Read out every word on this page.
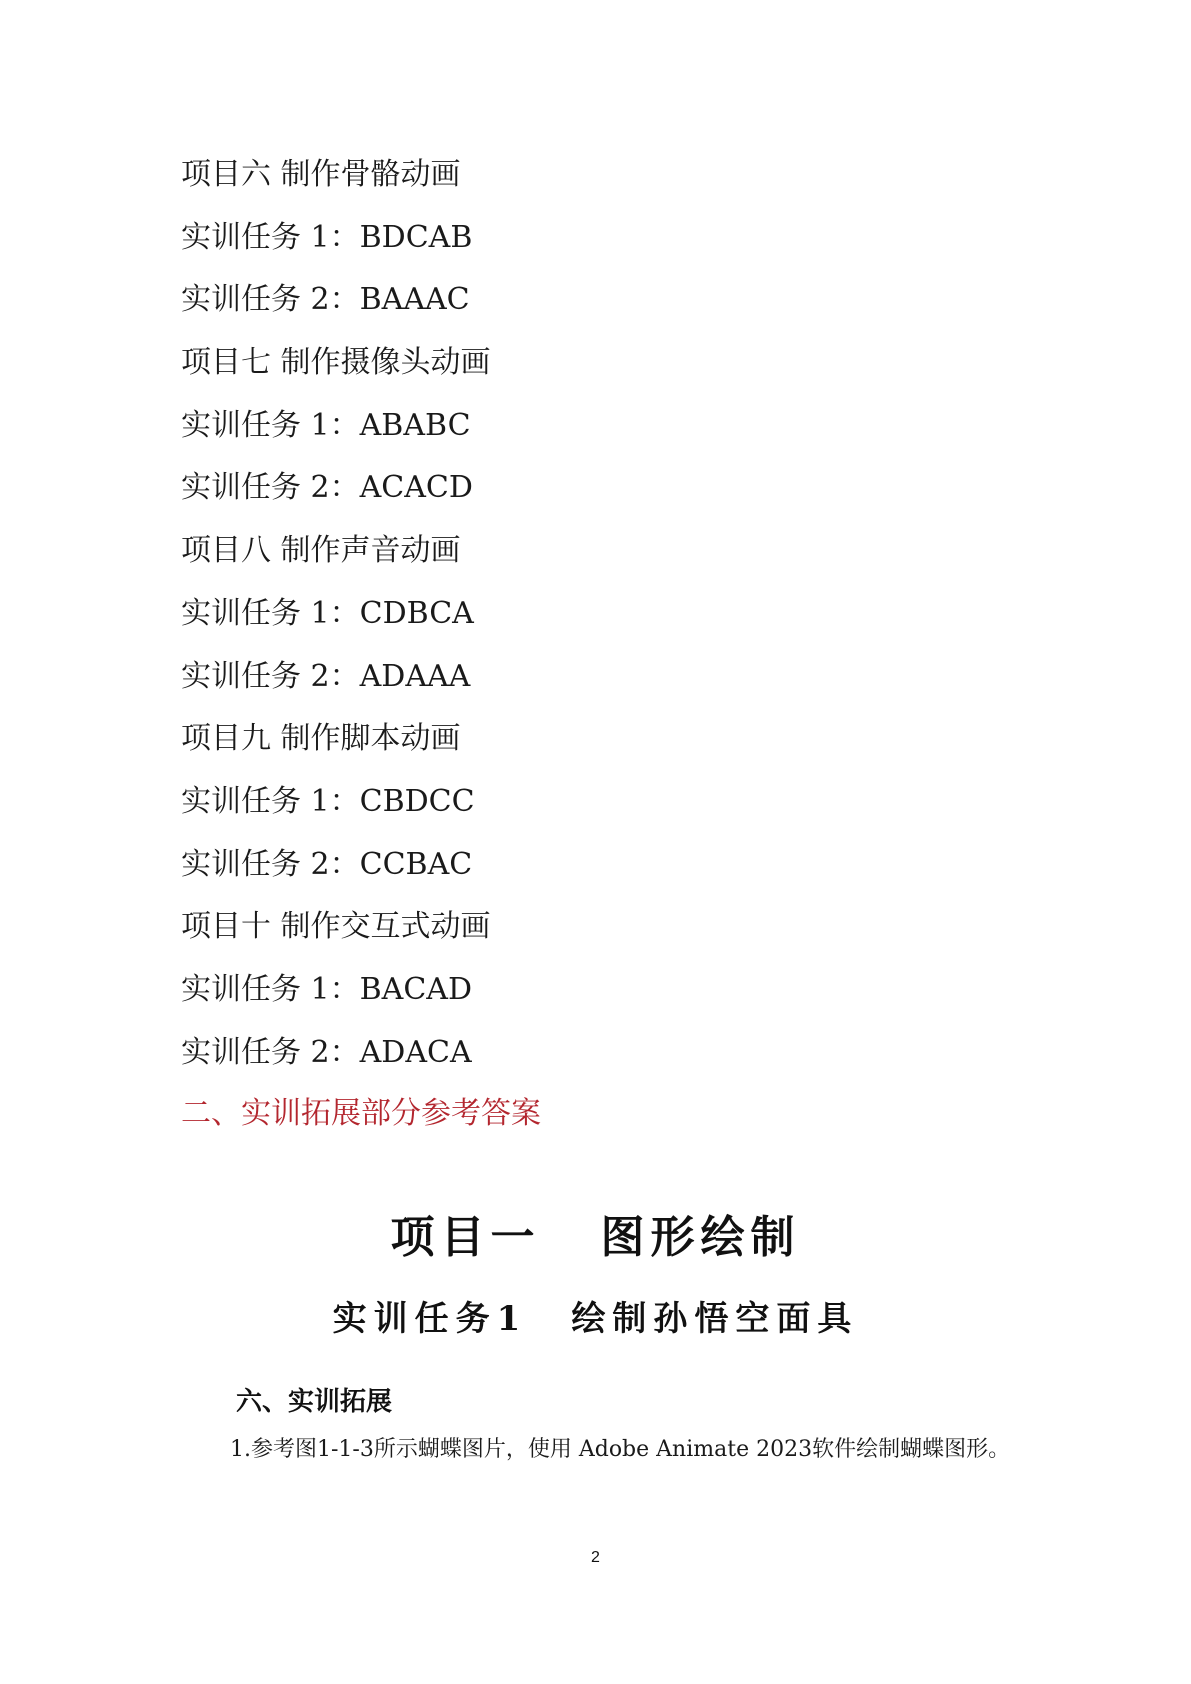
项目六 制作骨骼动画
实训任务 1：BDCAB
实训任务 2：BAAAC
项目七 制作摄像头动画
实训任务 1：ABABC
实训任务 2：ACACD
项目八 制作声音动画
实训任务 1：CDBCA
实训任务 2：ADAAA
项目九 制作脚本动画
实训任务 1：CBDCC
实训任务 2：CCBAC
项目十 制作交互式动画
实训任务 1：BACAD
实训任务 2：ADACA
二、实训拓展部分参考答案
项目一 图形绘制
实训任务1 绘制孙悟空面具
六、实训拓展
1.参考图1-1-3所示蝴蝶图片，使用 Adobe Animate 2023软件绘制蝴蝶图形。
2
